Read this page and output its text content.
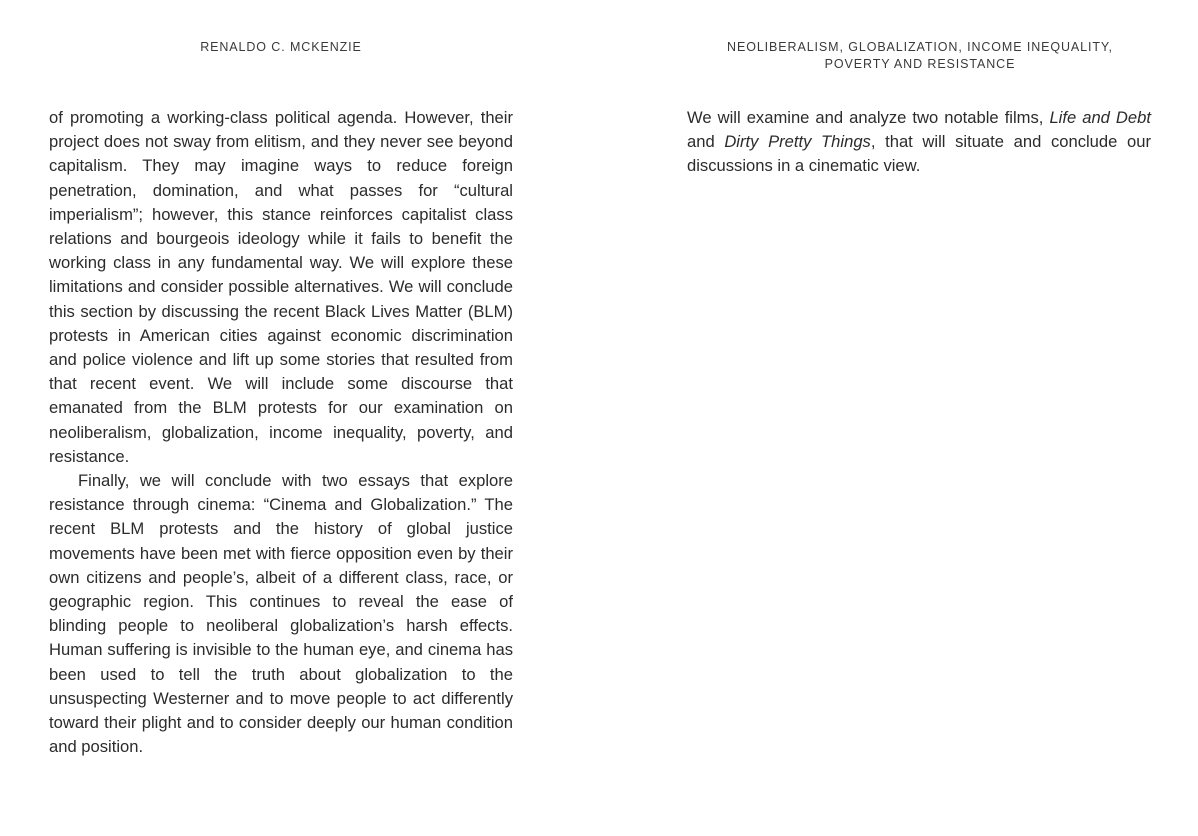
RENALDO C. MCKENZIE

of promoting a working-class political agenda. However, their project does not sway from elitism, and they never see beyond capitalism. They may imagine ways to reduce foreign penetration, domination, and what passes for “cultural imperialism”; however, this stance reinforces capitalist class relations and bourgeois ideology while it fails to benefit the working class in any fundamental way. We will explore these limitations and consider possible alternatives. We will conclude this section by discussing the recent Black Lives Matter (BLM) protests in American cities against economic discrimination and police violence and lift up some stories that resulted from that recent event. We will include some discourse that emanated from the BLM protests for our examination on neoliberalism, globalization, income inequality, poverty, and resistance.

Finally, we will conclude with two essays that explore resistance through cinema: “Cinema and Globalization.” The recent BLM protests and the history of global justice movements have been met with fierce opposition even by their own citizens and people’s, albeit of a different class, race, or geographic region. This continues to reveal the ease of blinding people to neoliberal globalization’s harsh effects. Human suffering is invisible to the human eye, and cinema has been used to tell the truth about globalization to the unsuspecting Westerner and to move people to act differently toward their plight and to consider deeply our human condition and position.

NEOLIBERALISM, GLOBALIZATION, INCOME INEQUALITY,
POVERTY AND RESISTANCE

We will examine and analyze two notable films, Life and Debt and Dirty Pretty Things, that will situate and conclude our discussions in a cinematic view.
